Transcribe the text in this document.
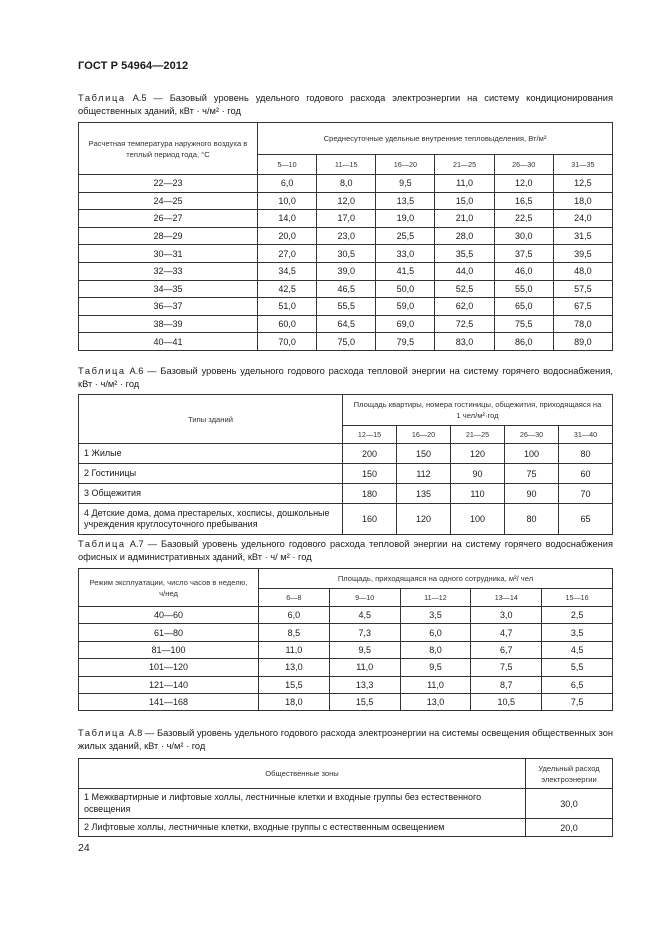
ГОСТ Р 54964—2012
Таблица А.5 — Базовый уровень удельного годового расхода электроэнергии на систему кондиционирования общественных зданий, кВт · ч/м² · год
Расчетная температура наружного воздуха в теплый период года, °С	Среднесуточные удельные внутренние тепловыделения, Вт/м²					
	5—10	11—15	16—20	21—25	26—30	31—35
22—23	6,0	8,0	9,5	11,0	12,0	12,5
24—25	10,0	12,0	13,5	15,0	16,5	18,0
26—27	14,0	17,0	19,0	21,0	22,5	24,0
28—29	20,0	23,0	25,5	28,0	30,0	31,5
30—31	27,0	30,5	33,0	35,5	37,5	39,5
32—33	34,5	39,0	41,5	44,0	46,0	48,0
34—35	42,5	46,5	50,0	52,5	55,0	57,5
36—37	51,0	55,5	59,0	62,0	65,0	67,5
38—39	60,0	64,5	69,0	72,5	75,5	78,0
40—41	70,0	75,0	79,5	83,0	86,0	89,0
Таблица А.6 — Базовый уровень удельного годового расхода тепловой энергии на систему горячего водоснабжения, кВт · ч/м² · год
Типы зданий	Площадь квартиры, номера гостиницы, общежития, приходящаяся на 1 чел/м²·год				
	12—15	16—20	21—25	26—30	31—40
1 Жилые	200	150	120	100	80
2 Гостиницы	150	112	90	75	60
3 Общежития	180	135	110	90	70
4 Детские дома, дома престарелых, хосписы, дошкольные учреждения круглосуточного пребывания	160	120	100	80	65
Таблица А.7 — Базовый уровень удельного годового расхода тепловой энергии на систему горячего водоснабжения офисных и административных зданий, кВт · ч/ м² · год
Режим эксплуатации, число часов в неделю, ч/нед	Площадь, приходящаяся на одного сотрудника, м²/ чел				
	6—8	9—10	11—12	13—14	15—16
40—60	6,0	4,5	3,5	3,0	2,5
61—80	8,5	7,3	6,0	4,7	3,5
81—100	11,0	9,5	8,0	6,7	4,5
101—120	13,0	11,0	9,5	7,5	5,5
121—140	15,5	13,3	11,0	8,7	6,5
141—168	18,0	15,5	13,0	10,5	7,5
Таблица А.8 — Базовый уровень удельного годового расхода электроэнергии на системы освещения общественных зон жилых зданий, кВт · ч/м² · год
Общественные зоны	Удельный расход электроэнергии
1 Межквартирные и лифтовые холлы, лестничные клетки и входные группы без естественного освещения	30,0
2 Лифтовые холлы, лестничные клетки, входные группы с естественным освещением	20,0
24
